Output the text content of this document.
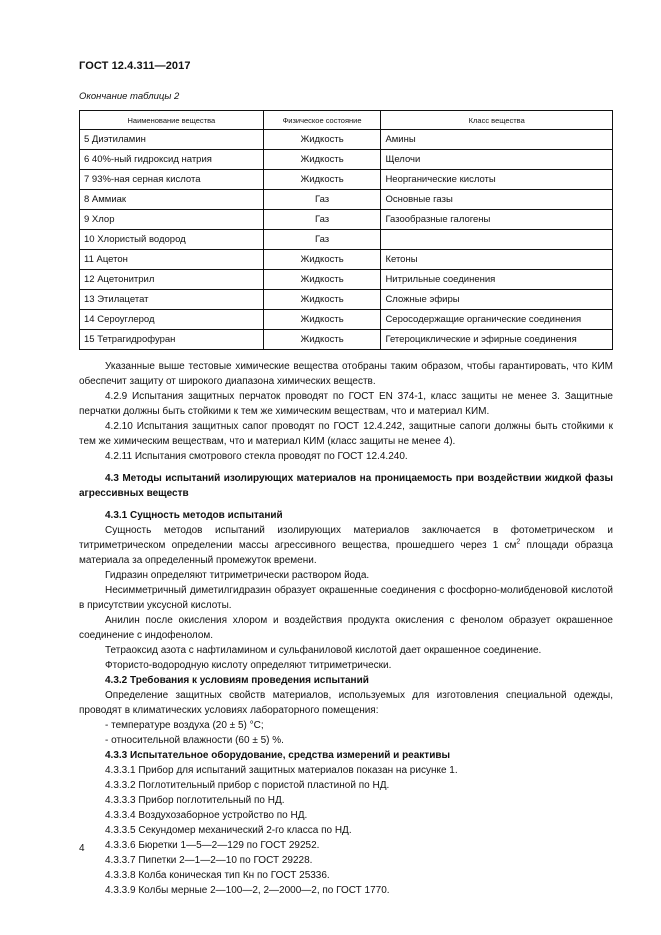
ГОСТ 12.4.311—2017
Окончание таблицы 2
Наименование вещества	Физическое состояние	Класс вещества
5 Диэтиламин	Жидкость	Амины
6 40%-ный гидроксид натрия	Жидкость	Щелочи
7 93%-ная серная кислота	Жидкость	Неорганические кислоты
8 Аммиак	Газ	Основные газы
9 Хлор	Газ	Газообразные галогены
10 Хлористый водород	Газ	
11 Ацетон	Жидкость	Кетоны
12 Ацетонитрил	Жидкость	Нитрильные соединения
13 Этилацетат	Жидкость	Сложные эфиры
14 Сероуглерод	Жидкость	Серосодержащие органические соединения
15 Тетрагидрофуран	Жидкость	Гетероциклические и эфирные соединения

Указанные выше тестовые химические вещества отобраны таким образом, чтобы гарантировать, что КИМ обеспечит защиту от широкого диапазона химических веществ.

4.2.9 Испытания защитных перчаток проводят по ГОСТ EN 374-1, класс защиты не менее 3. Защитные перчатки должны быть стойкими к тем же химическим веществам, что и материал КИМ.

4.2.10 Испытания защитных сапог проводят по ГОСТ 12.4.242, защитные сапоги должны быть стойкими к тем же химическим веществам, что и материал КИМ (класс защиты не менее 4).

4.2.11 Испытания смотрового стекла проводят по ГОСТ 12.4.240.

4.3 Методы испытаний изолирующих материалов на проницаемость при воздействии жидкой фазы агрессивных веществ

4.3.1 Сущность методов испытаний

Сущность методов испытаний изолирующих материалов заключается в фотометрическом и титриметрическом определении массы агрессивного вещества, прошедшего через 1 $см^2$ площади образца материала за определенный промежуток времени.

Гидразин определяют титриметрически раствором йода.

Несимметричный диметилгидразин образует окрашенные соединения с фосфорно-молибденовой кислотой в присутствии уксусной кислоты.

Анилин после окисления хлором и воздействия продукта окисления с фенолом образует окрашенное соединение с индофенолом.

Тетраоксид азота с нафтиламином и сульфаниловой кислотой дает окрашенное соединение.

Фтористо-водородную кислоту определяют титриметрически.

4.3.2 Требования к условиям проведения испытаний

Определение защитных свойств материалов, используемых для изготовления специальной одежды, проводят в климатических условиях лабораторного помещения:

- температуре воздуха (20 ± 5) °С;

- относительной влажности (60 ± 5) %.

4.3.3 Испытательное оборудование, средства измерений и реактивы

4.3.3.1 Прибор для испытаний защитных материалов показан на рисунке 1.

4.3.3.2 Поглотительный прибор с пористой пластиной по НД.

4.3.3.3 Прибор поглотительный по НД.

4.3.3.4 Воздухозаборное устройство по НД.

4.3.3.5 Секундомер механический 2-го класса по НД.

4.3.3.6 Бюретки 1—5—2—129 по ГОСТ 29252.

4.3.3.7 Пипетки 2—1—2—10 по ГОСТ 29228.

4.3.3.8 Колба коническая тип Кн по ГОСТ 25336.

4.3.3.9 Колбы мерные 2—100—2, 2—2000—2, по ГОСТ 1770.

4
